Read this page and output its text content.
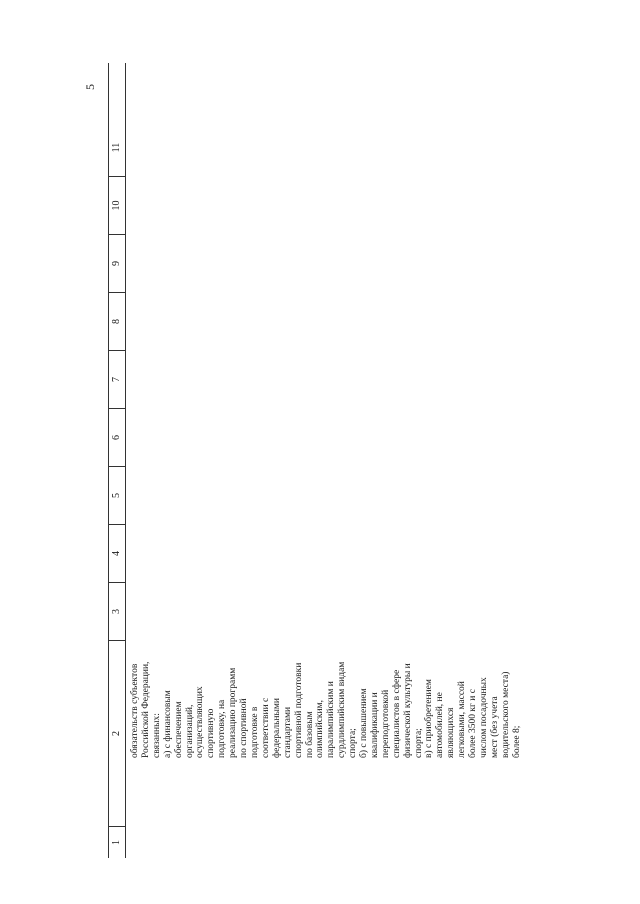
5
1
2
3
4
5
6
7
8
9
10
11

обязательств субъектов Российской Федерации, связанных: а) с финансовым обеспечением организаций, осуществляющих спортивную подготовку, на реализацию программ по спортивной подготовке в соответствии с федеральными стандартами спортивной подготовки по базовым олимпийским, паралимпийским и сурдлимпийским видам спорта; б) с повышением квалификации и переподготовкой специалистов в сфере физической культуры и спорта; в) с приобретением автомобилей, не являющихся легковыми, массой более 3500 кг и с числом посадочных мест (без учета водительского места) более 8;
